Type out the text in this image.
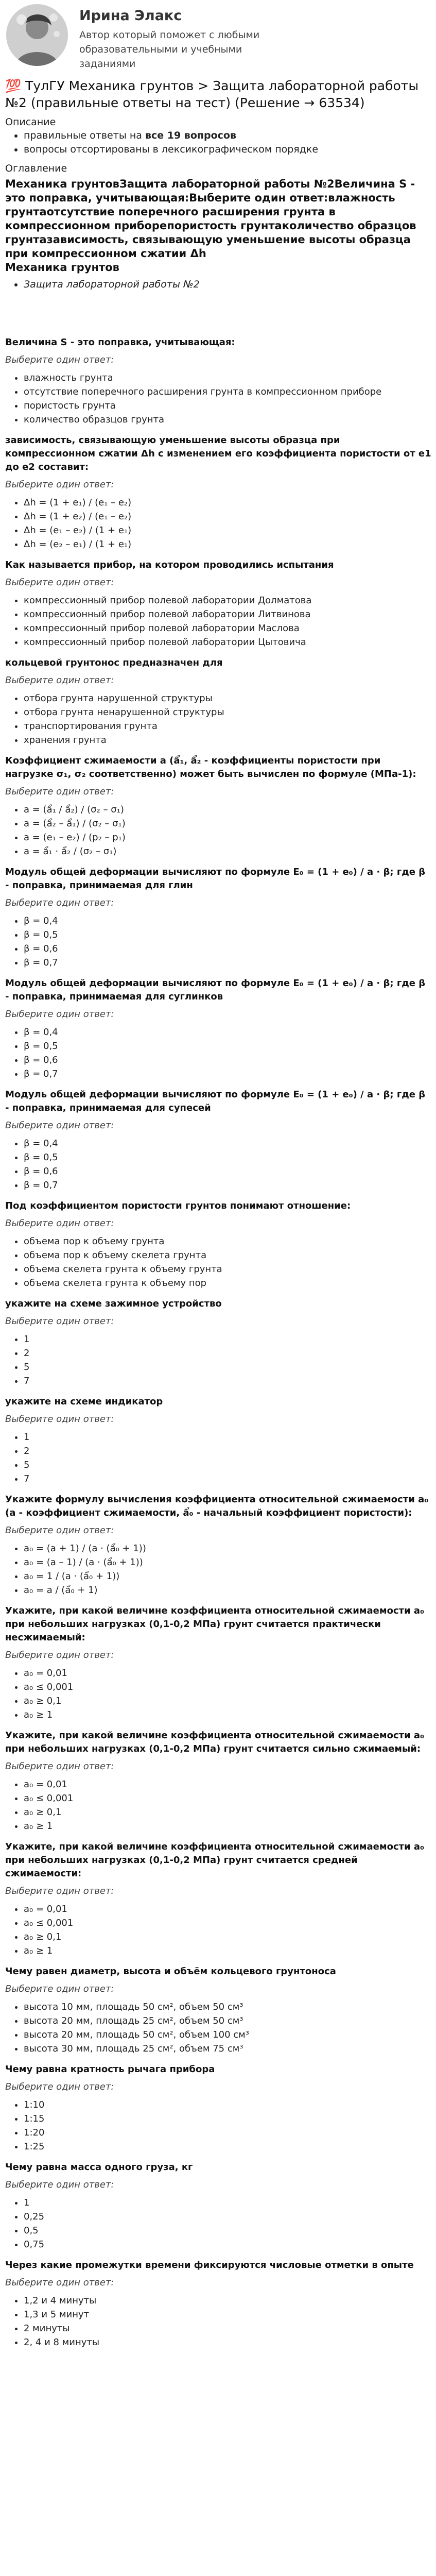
Ирина Элакс
Автор который поможет с любыми образовательными и учебными заданиями
💯 ТулГУ Механика грунтов > Защита лабораторной работы №2 (правильные ответы на тест) (Решение → 63534)
Описание
• правильные ответы на все 19 вопросов
• вопросы отсортированы в лексикографическом порядке
Оглавление
Механика грунтовЗащита лабораторной работы №2Величина S - это поправка, учитывающая:Выберите один ответ:влажность грунтаотсутствие поперечного расширения грунта в компрессионном приборепористость грунтаколичество образцов грунтазависимость, связывающую уменьшение высоты образца при компрессионном сжатии Δh
Механика грунтов
• Защита лабораторной работы №2
Величина S - это поправка, учитывающая:
Выберите один ответ:
• влажность грунта
• отсутствие поперечного расширения грунта в компрессионном приборе
• пористость грунта
• количество образцов грунта
зависимость, связывающую уменьшение высоты образца при компрессионном сжатии Δh с изменением его коэффициента пористости от e1 до e2 составит:
Выберите один ответ:
• Δh = (1 + e₁) / (e₁ – e₂)
• Δh = (1 + e₂) / (e₁ – e₂)
• Δh = (e₁ – e₂) / (1 + e₁)
• Δh = (e₂ – e₁) / (1 + e₁)
Как называется прибор, на котором проводились испытания
Выберите один ответ:
• компрессионный прибор полевой лаборатории Долматова
• компрессионный прибор полевой лаборатории Литвинова
• компрессионный прибор полевой лаборатории Маслова
• компрессионный прибор полевой лаборатории Цытовича
кольцевой грунтонос предназначен для
Выберите один ответ:
• отбора грунта нарушенной структуры
• отбора грунта ненарушенной структуры
• транспортирования грунта
• хранения грунта
Коэффициент сжимаемости a (ẩ₁, ẩ₂ - коэффициенты пористости при нагрузке σ₁, σ₂ соответственно) может быть вычислен по формуле (МПа-1):
Выберите один ответ:
• a = (ẩ₁ / ẩ₂) / (σ₂ – σ₁)
• a = (ẩ₂ – ẩ₁) / (σ₂ – σ₁)
• a = (e₁ – e₂) / (p₂ – p₁)
• a = ẩ₁ · ẩ₂ / (σ₂ – σ₁)
Модуль общей деформации вычисляют по формуле E₀ = (1 + e₀) / a · β; где β - поправка, принимаемая для глин
Выберите один ответ:
• β = 0,4
• β = 0,5
• β = 0,6
• β = 0,7
Модуль общей деформации вычисляют по формуле E₀ = (1 + e₀) / a · β; где β - поправка, принимаемая для суглинков
Выберите один ответ:
• β = 0,4
• β = 0,5
• β = 0,6
• β = 0,7
Модуль общей деформации вычисляют по формуле E₀ = (1 + e₀) / a · β; где β - поправка, принимаемая для супесей
Выберите один ответ:
• β = 0,4
• β = 0,5
• β = 0,6
• β = 0,7
Под коэффициентом пористости грунтов понимают отношение:
Выберите один ответ:
• объема пор к объему грунта
• объема пор к объему скелета грунта
• объема скелета грунта к объему грунта
• объема скелета грунта к объему пор
укажите на схеме зажимное устройство
Выберите один ответ:
• 1
• 2
• 5
• 7
укажите на схеме индикатор
Выберите один ответ:
• 1
• 2
• 5
• 7
Укажите формулу вычисления коэффициента относительной сжимаемости a₀ (a - коэффициент сжимаемости, ẩ₀ - начальный коэффициент пористости):
Выберите один ответ:
• a₀ = (a + 1) / (a · (ẩ₀ + 1))
• a₀ = (a – 1) / (a · (ẩ₀ + 1))
• a₀ = 1 / (a · (ẩ₀ + 1))
• a₀ = a / (ẩ₀ + 1)
Укажите, при какой величине коэффициента относительной сжимаемости a₀ при небольших нагрузках (0,1-0,2 МПа) грунт считается практически несжимаемый:
Выберите один ответ:
• a₀ = 0,01
• a₀ ≤ 0,001
• a₀ ≥ 0,1
• a₀ ≥ 1
Укажите, при какой величине коэффициента относительной сжимаемости a₀ при небольших нагрузках (0,1-0,2 МПа) грунт считается сильно сжимаемый:
Выберите один ответ:
• a₀ = 0,01
• a₀ ≤ 0,001
• a₀ ≥ 0,1
• a₀ ≥ 1
Укажите, при какой величине коэффициента относительной сжимаемости a₀ при небольших нагрузках (0,1-0,2 МПа) грунт считается средней сжимаемости:
Выберите один ответ:
• a₀ = 0,01
• a₀ ≤ 0,001
• a₀ ≥ 0,1
• a₀ ≥ 1
Чему равен диаметр, высота и объём кольцевого грунтоноса
Выберите один ответ:
• высота 10 мм, площадь 50 см², объем 50 см³
• высота 20 мм, площадь 25 см², объем 50 см³
• высота 20 мм, площадь 50 см², объем 100 см³
• высота 30 мм, площадь 25 см², объем 75 см³
Чему равна кратность рычага прибора
Выберите один ответ:
• 1:10
• 1:15
• 1:20
• 1:25
Чему равна масса одного груза, кг
Выберите один ответ:
• 1
• 0,25
• 0,5
• 0,75
Через какие промежутки времени фиксируются числовые отметки в опыте
Выберите один ответ:
• 1,2 и 4 минуты
• 1,3 и 5 минут
• 2 минуты
• 2, 4 и 8 минуты
